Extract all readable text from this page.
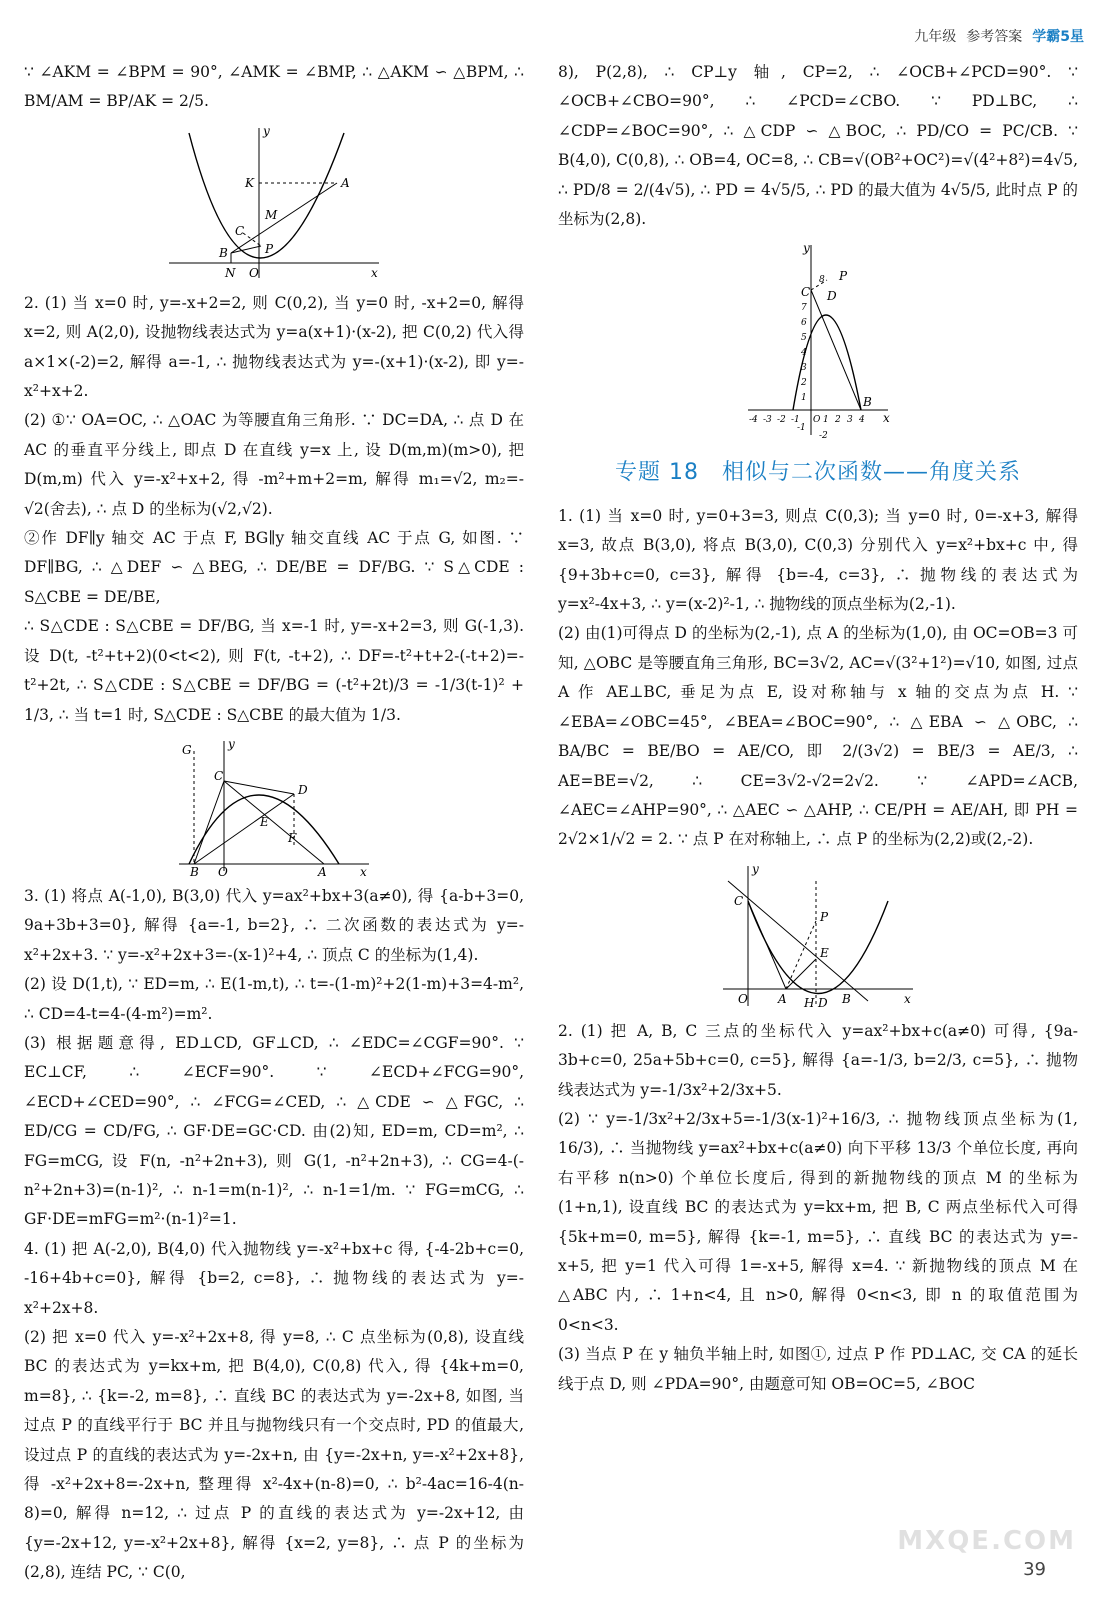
九年级 参考答案 学霸5星

∵ ∠AKM = ∠BPM = 90°, ∠AMK = ∠BMP, ∴ △AKM ∽ △BPM, ∴ BM/AM = BP/AK = 2/5.

y
K	A
M
C
B
N O
P
x

2. (1) 当 x=0 时, y=-x+2=2, 则 C(0,2), 当 y=0 时, -x+2=0, 解得 x=2, 则 A(2,0), 设抛物线表达式为 y=a(x+1)·(x-2), 把 C(0,2) 代入得 a×1×(-2)=2, 解得 a=-1, ∴ 抛物线表达式为 y=-(x+1)·(x-2), 即 y=-x²+x+2.

(2) ①∵ OA=OC, ∴ △OAC 为等腰直角三角形. ∵ DC=DA, ∴ 点 D 在 AC 的垂直平分线上, 即点 D 在直线 y=x 上, 设 D(m,m)(m>0), 把 D(m,m) 代入 y=-x²+x+2, 得 -m²+m+2=m, 解得 m₁=√2, m₂=-√2(舍去), ∴ 点 D 的坐标为(√2,√2).

②作 DF∥y 轴交 AC 于点 F, BG∥y 轴交直线 AC 于点 G, 如图. ∵ DF∥BG, ∴ △DEF ∽ △BEG, ∴ DE/BE = DF/BG. ∵ S△CDE : S△CBE = DE/BE,

∴ S△CDE : S△CBE = DF/BG, 当 x=-1 时, y=-x+2=3, 则 G(-1,3). 设 D(t, -t²+t+2)(0<t<2), 则 F(t, -t+2), ∴ DF=-t²+t+2-(-t+2)=-t²+2t, ∴ S△CDE : S△CBE = DF/BG = (-t²+2t)/3 = -1/3(t-1)² + 1/3, ∴ 当 t=1 时, S△CDE : S△CBE 的最大值为 1/3.

y
G
C
D
E
F
B O	A	x

3. (1) 将点 A(-1,0), B(3,0) 代入 y=ax²+bx+3(a≠0), 得 {a-b+3=0, 9a+3b+3=0}, 解得 {a=-1, b=2}, ∴ 二次函数的表达式为 y=-x²+2x+3. ∵ y=-x²+2x+3=-(x-1)²+4, ∴ 顶点 C 的坐标为(1,4).

(2) 设 D(1,t), ∵ ED=m, ∴ E(1-m,t), ∴ t=-(1-m)²+2(1-m)+3=4-m², ∴ CD=4-t=4-(4-m²)=m².

(3) 根据题意得, ED⊥CD, GF⊥CD, ∴ ∠EDC=∠CGF=90°. ∵ EC⊥CF, ∴ ∠ECF=90°. ∵ ∠ECD+∠FCG=90°, ∠ECD+∠CED=90°, ∴ ∠FCG=∠CED, ∴ △CDE ∽ △FGC, ∴ ED/CG = CD/FG, ∴ GF·DE=GC·CD. 由(2)知, ED=m, CD=m², ∴ FG=mCG, 设 F(n, -n²+2n+3), 则 G(1, -n²+2n+3), ∴ CG=4-(-n²+2n+3)=(n-1)², ∴ n-1=m(n-1)², ∴ n-1=1/m. ∵ FG=mCG, ∴ GF·DE=mFG=m²·(n-1)²=1.

4. (1) 把 A(-2,0), B(4,0) 代入抛物线 y=-x²+bx+c 得, {-4-2b+c=0, -16+4b+c=0}, 解得 {b=2, c=8}, ∴ 抛物线的表达式为 y=-x²+2x+8.

(2) 把 x=0 代入 y=-x²+2x+8, 得 y=8, ∴ C 点坐标为(0,8), 设直线 BC 的表达式为 y=kx+m, 把 B(4,0), C(0,8) 代入, 得 {4k+m=0, m=8}, ∴ {k=-2, m=8}, ∴ 直线 BC 的表达式为 y=-2x+8, 如图, 当过点 P 的直线平行于 BC 并且与抛物线只有一个交点时, PD 的值最大, 设过点 P 的直线的表达式为 y=-2x+n, 由 {y=-2x+n, y=-x²+2x+8}, 得 -x²+2x+8=-2x+n, 整理得 x²-4x+(n-8)=0, ∴ b²-4ac=16-4(n-8)=0, 解得 n=12, ∴ 过点 P 的直线的表达式为 y=-2x+12, 由 {y=-2x+12, y=-x²+2x+8}, 解得 {x=2, y=8}, ∴ 点 P 的坐标为(2,8), 连结 PC, ∵ C(0,

8), P(2,8), ∴ CP⊥y 轴, CP=2, ∴ ∠OCB+∠PCD=90°. ∵ ∠OCB+∠CBO=90°, ∴ ∠PCD=∠CBO. ∵ PD⊥BC, ∴ ∠CDP=∠BOC=90°, ∴ △CDP ∽ △BOC, ∴ PD/CO = PC/CB. ∵ B(4,0), C(0,8), ∴ OB=4, OC=8, ∴ CB=√(OB²+OC²)=√(4²+8²)=4√5, ∴ PD/8 = 2/(4√5), ∴ PD = 4√5/5, ∴ PD 的最大值为 4√5/5, 此时点 P 的坐标为(2,8).

y
C
P
D
B
x
-4 -3 -2 -1 O 1 2 3 4
7
6
5
4
3
2
1
-1
-2
8

专题 18　相似与二次函数——角度关系

1. (1) 当 x=0 时, y=0+3=3, 则点 C(0,3); 当 y=0 时, 0=-x+3, 解得 x=3, 故点 B(3,0), 将点 B(3,0), C(0,3) 分别代入 y=x²+bx+c 中, 得 {9+3b+c=0, c=3}, 解得 {b=-4, c=3}, ∴ 抛物线的表达式为 y=x²-4x+3, ∴ y=(x-2)²-1, ∴ 抛物线的顶点坐标为(2,-1).

(2) 由(1)可得点 D 的坐标为(2,-1), 点 A 的坐标为(1,0), 由 OC=OB=3 可知, △OBC 是等腰直角三角形, BC=3√2, AC=√(3²+1²)=√10, 如图, 过点 A 作 AE⊥BC, 垂足为点 E, 设对称轴与 x 轴的交点为点 H. ∵ ∠EBA=∠OBC=45°, ∠BEA=∠BOC=90°, ∴ △EBA ∽ △OBC, ∴ BA/BC = BE/BO = AE/CO, 即 2/(3√2) = BE/3 = AE/3, ∴ AE=BE=√2, ∴ CE=3√2-√2=2√2. ∵ ∠APD=∠ACB, ∠AEC=∠AHP=90°, ∴ △AEC ∽ △AHP, ∴ CE/PH = AE/AH, 即 PH = 2√2×1/√2 = 2. ∵ 点 P 在对称轴上, ∴ 点 P 的坐标为(2,2)或(2,-2).

y
C
P
E
O	A H D B	x

2. (1) 把 A, B, C 三点的坐标代入 y=ax²+bx+c(a≠0) 可得, {9a-3b+c=0, 25a+5b+c=0, c=5}, 解得 {a=-1/3, b=2/3, c=5}, ∴ 抛物线表达式为 y=-1/3x²+2/3x+5.

(2) ∵ y=-1/3x²+2/3x+5=-1/3(x-1)²+16/3, ∴ 抛物线顶点坐标为(1, 16/3), ∴ 当抛物线 y=ax²+bx+c(a≠0) 向下平移 13/3 个单位长度, 再向右平移 n(n>0) 个单位长度后, 得到的新抛物线的顶点 M 的坐标为(1+n,1), 设直线 BC 的表达式为 y=kx+m, 把 B, C 两点坐标代入可得 {5k+m=0, m=5}, 解得 {k=-1, m=5}, ∴ 直线 BC 的表达式为 y=-x+5, 把 y=1 代入可得 1=-x+5, 解得 x=4. ∵ 新抛物线的顶点 M 在 △ABC 内, ∴ 1+n<4, 且 n>0, 解得 0<n<3, 即 n 的取值范围为 0<n<3.

(3) 当点 P 在 y 轴负半轴上时, 如图①, 过点 P 作 PD⊥AC, 交 CA 的延长线于点 D, 则 ∠PDA=90°, 由题意可知 OB=OC=5, ∠BOC

MXQE.COM
39
